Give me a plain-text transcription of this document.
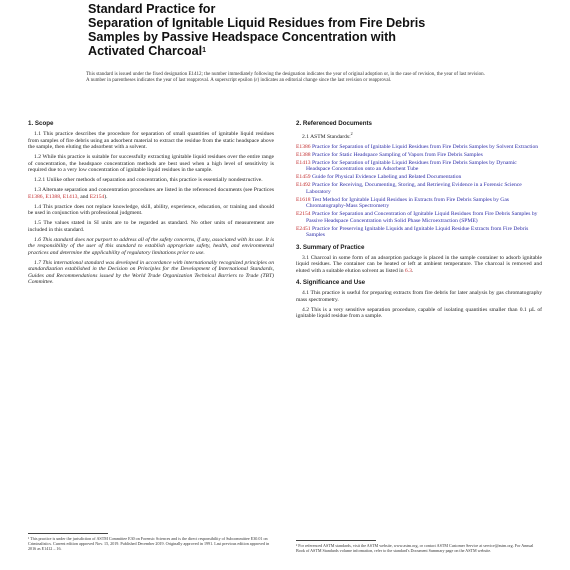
Standard Practice for
Separation of Ignitable Liquid Residues from Fire Debris
Samples by Passive Headspace Concentration with
Activated Charcoal$^1$
This standard is issued under the fixed designation E1412; the number immediately following the designation indicates the year of original adoption or, in the case of revision, the year of last revision. A number in parentheses indicates the year of last reapproval. A superscript epsilon (ε) indicates an editorial change since the last revision or reapproval.
1. Scope

1.1 This practice describes the procedure for separation of small quantities of ignitable liquid residues from samples of fire debris using an adsorbent material to extract the residue from the static headspace above the sample, then eluting the adsorbent with a solvent.

1.2 While this practice is suitable for successfully extracting ignitable liquid residues over the entire range of concentration, the headspace concentration methods are best used when a high level of sensitivity is required due to a very low concentration of ignitable liquid residues in the sample.

1.2.1 Unlike other methods of separation and concentration, this practice is essentially nondestructive.

1.3 Alternate separation and concentration procedures are listed in the referenced documents (see Practices E1386, E1388, E1413, and E2154).

1.4 This practice does not replace knowledge, skill, ability, experience, education, or training and should be used in conjunction with professional judgment.

1.5 The values stated in SI units are to be regarded as standard. No other units of measurement are included in this standard.

1.6 This standard does not purport to address all of the safety concerns, if any, associated with its use. It is the responsibility of the user of this standard to establish appropriate safety, health, and environmental practices and determine the applicability of regulatory limitations prior to use.

1.7 This international standard was developed in accordance with internationally recognized principles on standardization established in the Decision on Principles for the Development of International Standards, Guides and Recommendations issued by the World Trade Organization Technical Barriers to Trade (TBT) Committee.

2. Referenced Documents

2.1 ASTM Standards:$^2$

E1386 Practice for Separation of Ignitable Liquid Residues from Fire Debris Samples by Solvent Extraction
E1388 Practice for Static Headspace Sampling of Vapors from Fire Debris Samples
E1413 Practice for Separation of Ignitable Liquid Residues from Fire Debris Samples by Dynamic Headspace Concentration onto an Adsorbent Tube
E1459 Guide for Physical Evidence Labeling and Related Documentation
E1492 Practice for Receiving, Documenting, Storing, and Retrieving Evidence in a Forensic Science Laboratory
E1618 Test Method for Ignitable Liquid Residues in Extracts from Fire Debris Samples by Gas Chromatography-Mass Spectrometry
E2154 Practice for Separation and Concentration of Ignitable Liquid Residues from Fire Debris Samples by Passive Headspace Concentration with Solid Phase Microextraction (SPME)
E2451 Practice for Preserving Ignitable Liquids and Ignitable Liquid Residue Extracts from Fire Debris Samples
3. Summary of Practice

3.1 Charcoal in some form of an adsorption package is placed in the sample container to adsorb ignitable liquid residues. The container can be heated or left at ambient temperature. The charcoal is removed and eluted with a suitable elution solvent as listed in 6.3.

4. Significance and Use

4.1 This practice is useful for preparing extracts from fire debris for later analysis by gas chromatography mass spectrometry.

4.2 This is a very sensitive separation procedure, capable of isolating quantities smaller than 0.1 µL of ignitable liquid residue from a sample.

¹ This practice is under the jurisdiction of ASTM Committee E30 on Forensic Sciences and is the direct responsibility of Subcommittee E30.01 on Criminalistics. Current edition approved Nov. 15, 2019. Published December 2019. Originally approved in 1991. Last previous edition approved in 2016 as E1412 – 16.
² For referenced ASTM standards, visit the ASTM website, www.astm.org, or contact ASTM Customer Service at service@astm.org. For Annual Book of ASTM Standards volume information, refer to the standard's Document Summary page on the ASTM website.
